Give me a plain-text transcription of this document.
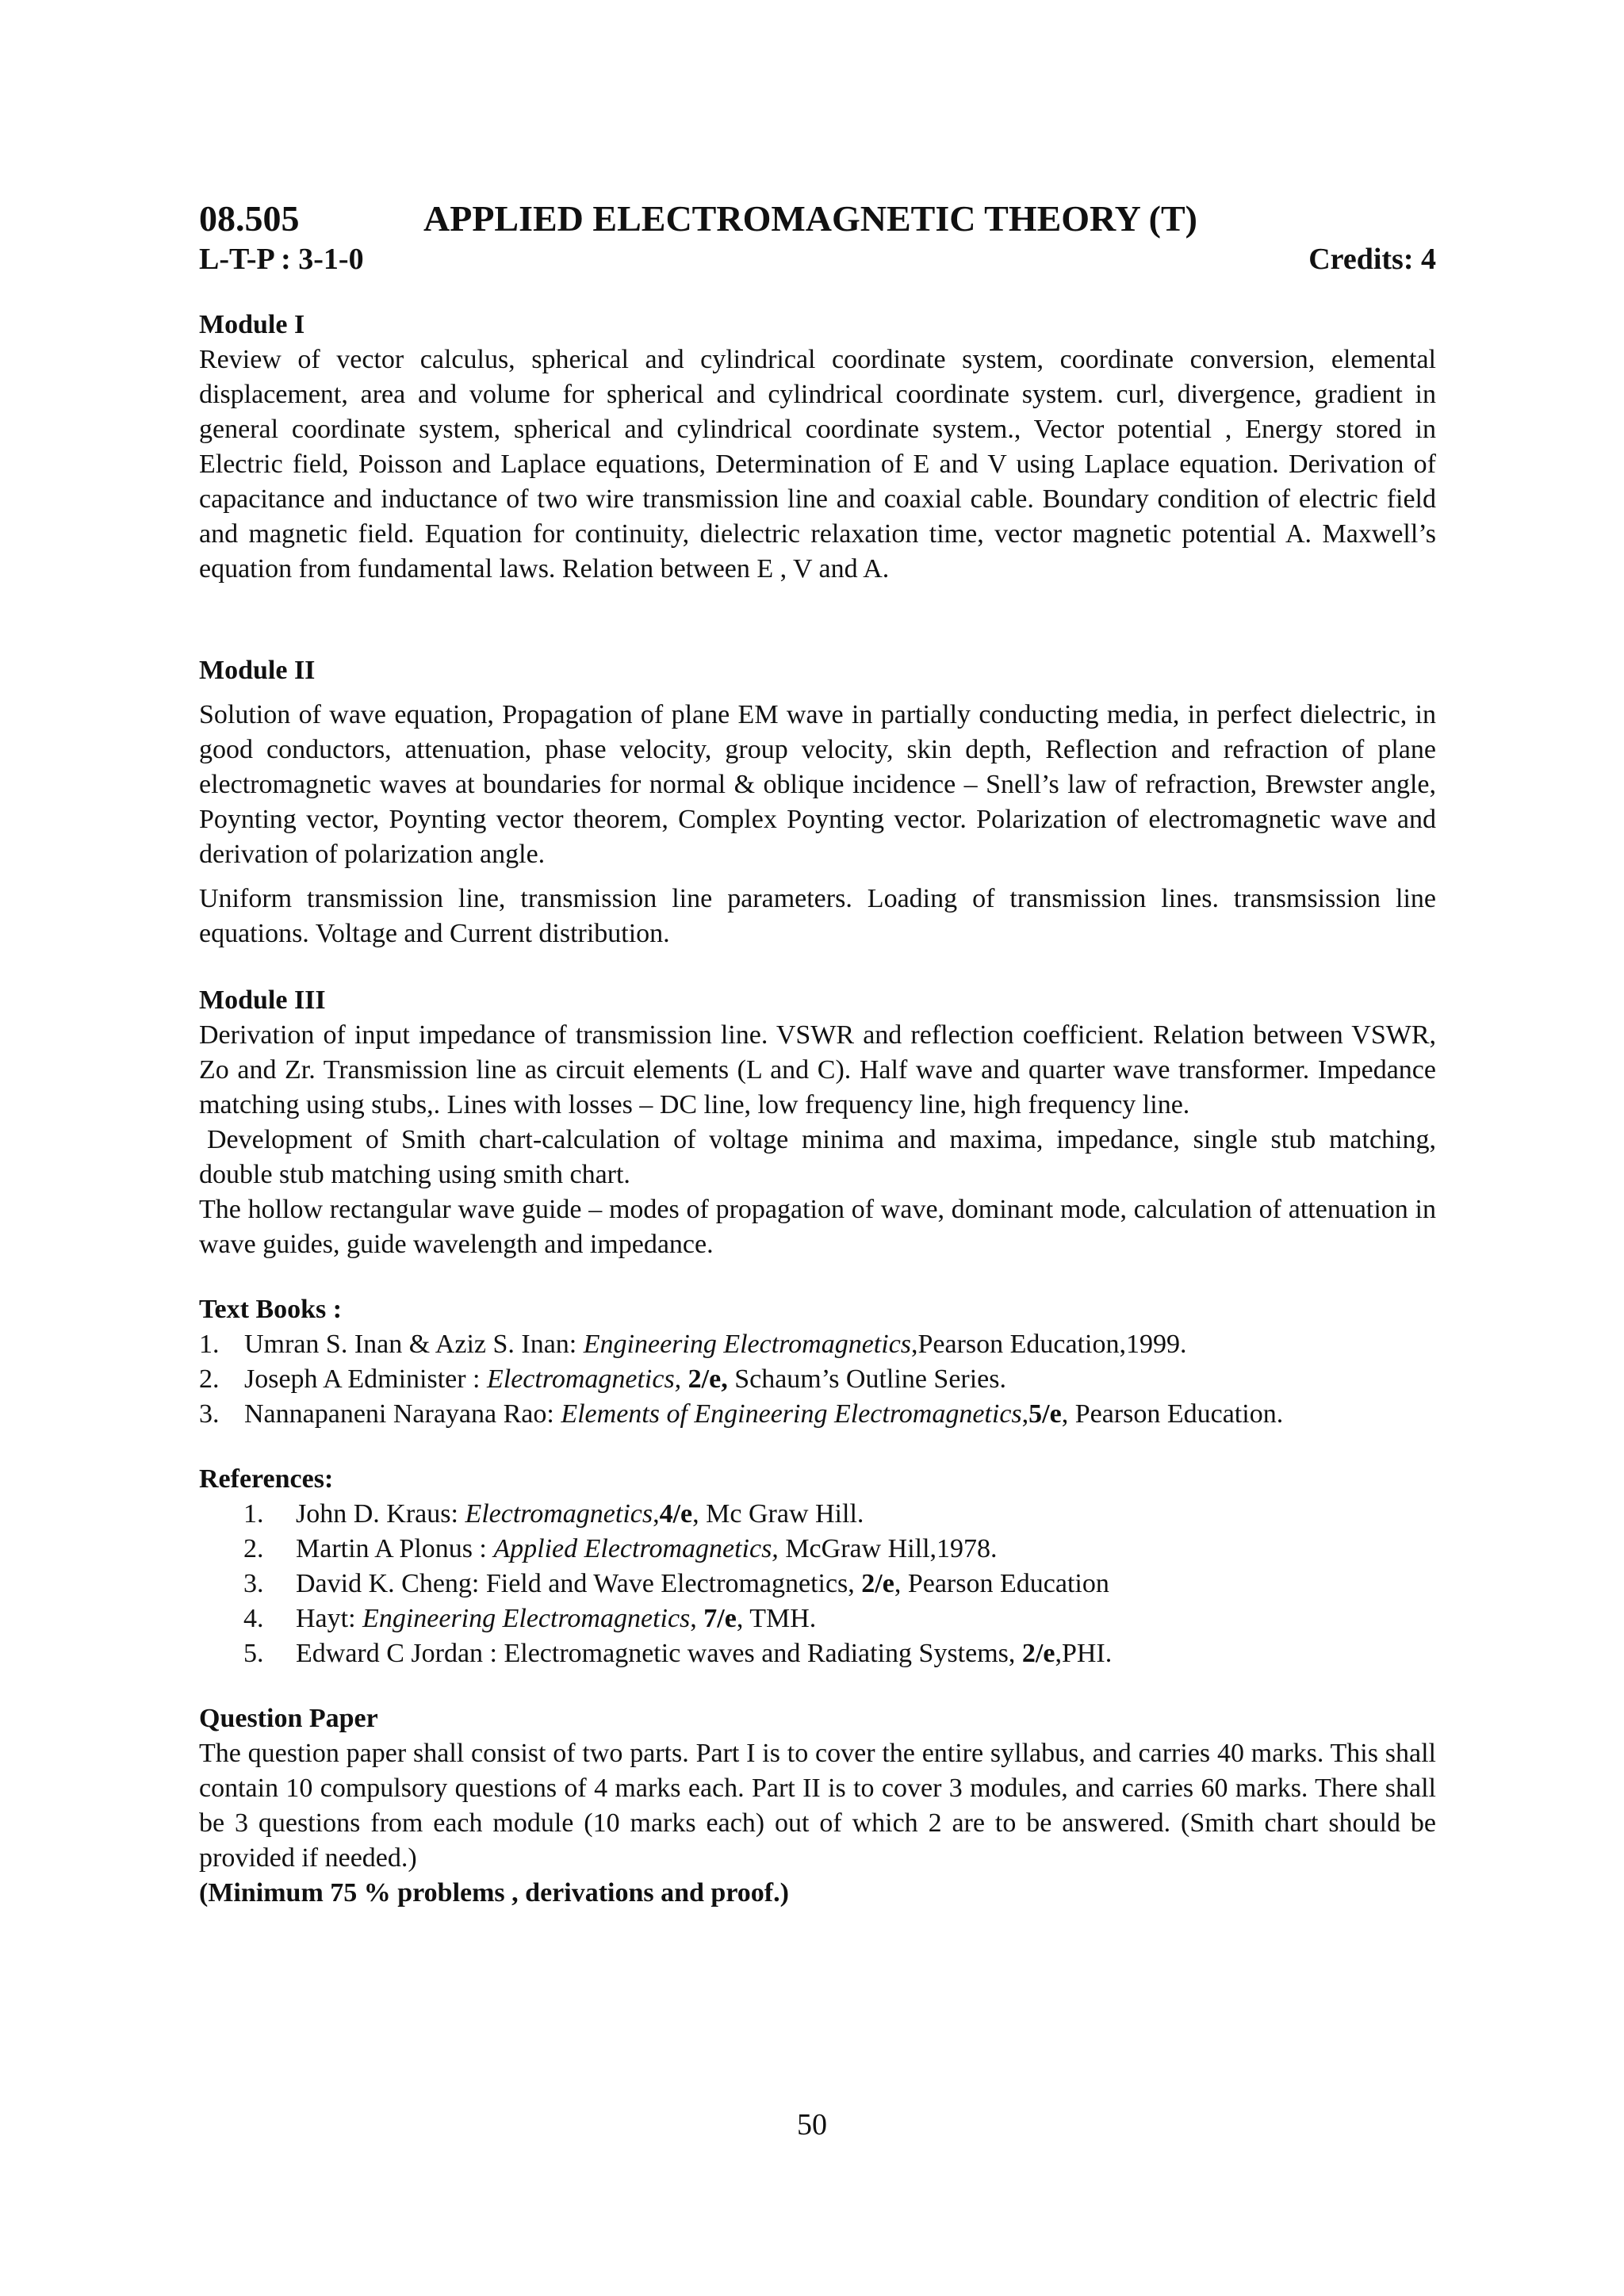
08.505	APPLIED ELECTROMAGNETIC THEORY (T)
L-T-P : 3-1-0	Credits: 4
Module I

Review of vector calculus, spherical and cylindrical coordinate system, coordinate conversion, elemental displacement, area and volume for spherical and cylindrical coordinate system. curl, divergence, gradient in general coordinate system, spherical and cylindrical coordinate system., Vector potential , Energy stored in Electric field, Poisson and Laplace equations, Determination of E and V using Laplace equation. Derivation of capacitance and inductance of two wire transmission line and coaxial cable. Boundary condition of electric field and magnetic field. Equation for continuity, dielectric relaxation time, vector magnetic potential A. Maxwell’s equation from fundamental laws. Relation between E , V and A.

Module II

Solution of wave equation, Propagation of plane EM wave in partially conducting media, in perfect dielectric, in good conductors, attenuation, phase velocity, group velocity, skin depth, Reflection and refraction of plane electromagnetic waves at boundaries for normal & oblique incidence – Snell’s law of refraction, Brewster angle, Poynting vector, Poynting vector theorem, Complex Poynting vector. Polarization of electromagnetic wave and derivation of polarization angle.

Uniform transmission line, transmission line parameters. Loading of transmission lines. transmsission line equations. Voltage and Current distribution.

Module III

Derivation of input impedance of transmission line. VSWR and reflection coefficient. Relation between VSWR, Zo and Zr. Transmission line as circuit elements (L and C). Half wave and quarter wave transformer. Impedance matching using stubs,. Lines with losses – DC line, low frequency line, high frequency line.

Development of Smith chart-calculation of voltage minima and maxima, impedance, single stub matching, double stub matching using smith chart.

The hollow rectangular wave guide – modes of propagation of wave, dominant mode, calculation of attenuation in wave guides, guide wavelength and impedance.

Text Books :
1. Umran S. Inan & Aziz S. Inan: Engineering Electromagnetics,Pearson Education,1999.
2. Joseph A Edminister : Electromagnetics, 2/e, Schaum’s Outline Series.
3. Nannapaneni Narayana Rao: Elements of Engineering Electromagnetics,5/e, Pearson Education.
References:
1.	John D. Kraus: Electromagnetics,4/e, Mc Graw Hill.
2.	Martin A Plonus : Applied Electromagnetics, McGraw Hill,1978.
3.	David K. Cheng: Field and Wave Electromagnetics, 2/e, Pearson Education
4.	Hayt: Engineering Electromagnetics, 7/e, TMH.
5.	Edward C Jordan : Electromagnetic waves and Radiating Systems, 2/e,PHI.
Question Paper

The question paper shall consist of two parts. Part I is to cover the entire syllabus, and carries 40 marks. This shall contain 10 compulsory questions of 4 marks each. Part II is to cover 3 modules, and carries 60 marks. There shall be 3 questions from each module (10 marks each) out of which 2 are to be answered. (Smith chart should be provided if needed.)

(Minimum 75 % problems , derivations and proof.)
50
